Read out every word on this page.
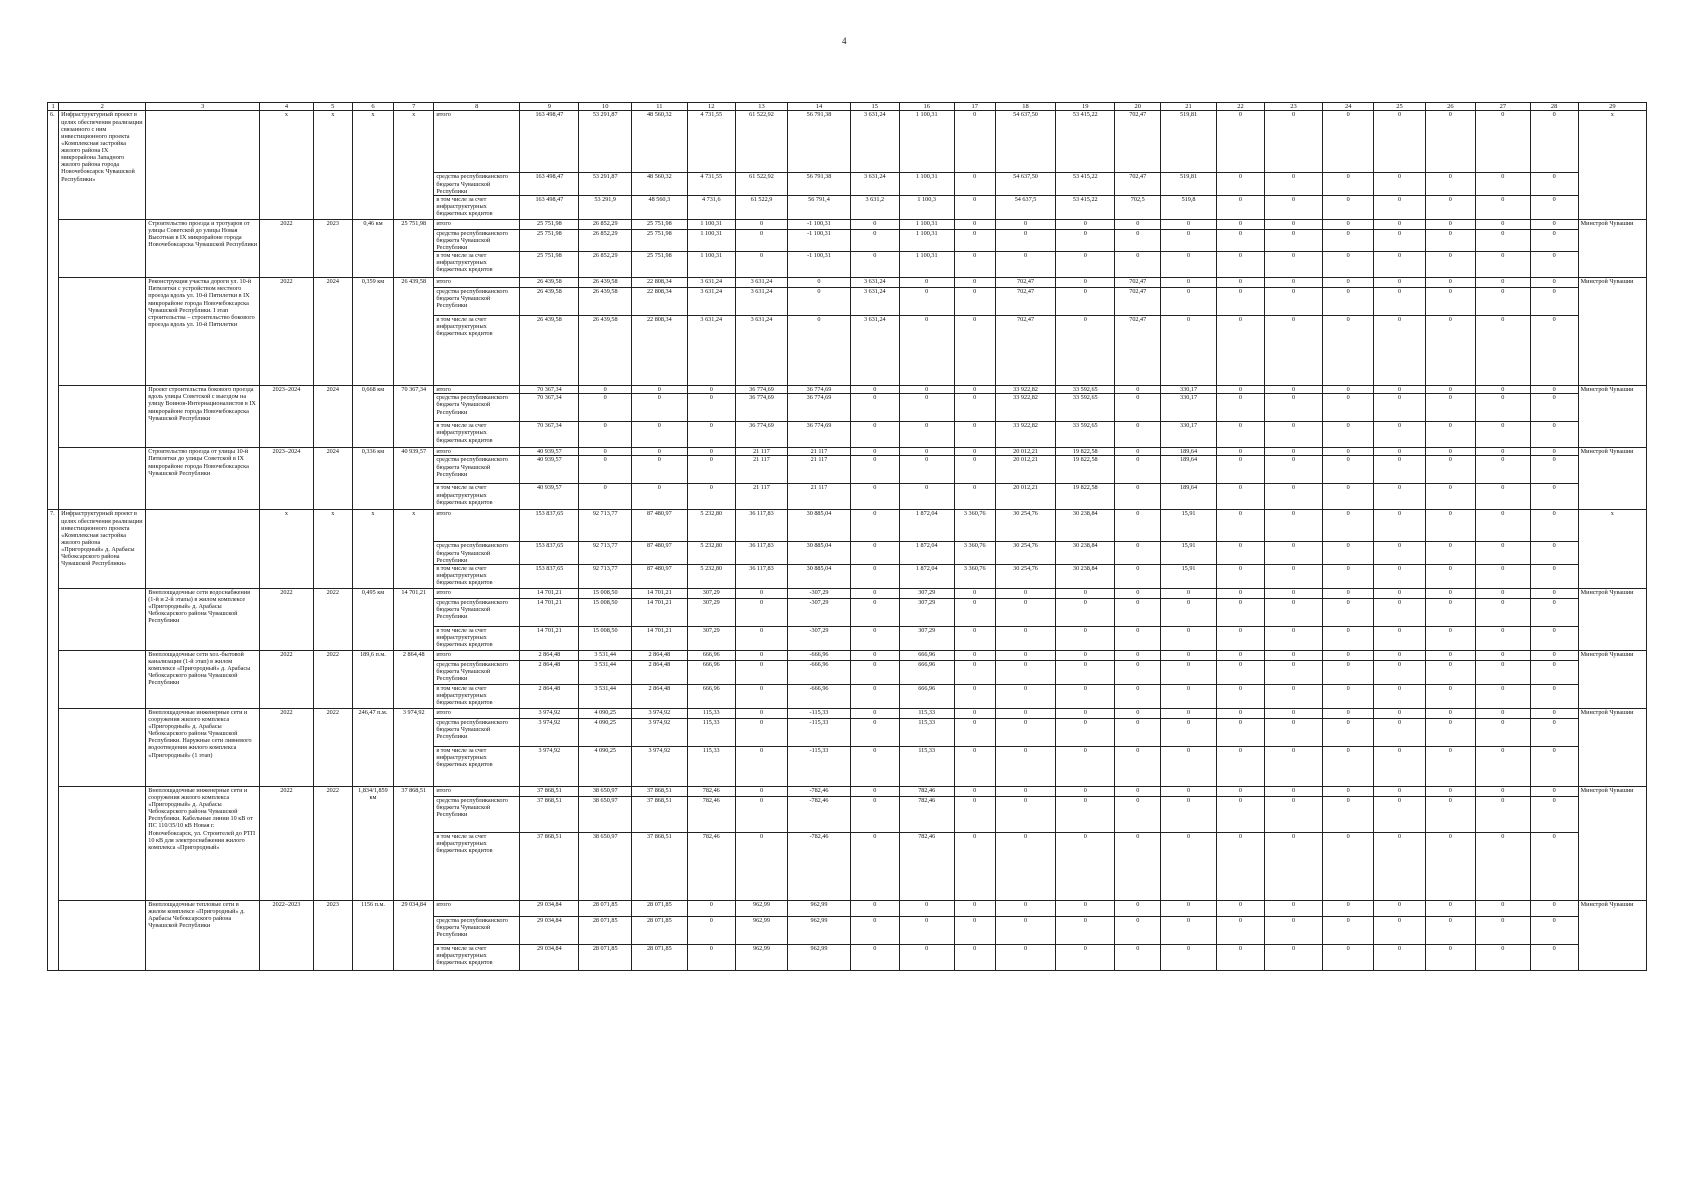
4
1	2	3	4	5	6	7	8	9	10	11	12	13	14	15	16	17	18	19	20	21	22	23	24	25	26	27	28	29
6.	Инфраструктурный проект в целях обеспечения реализации связанного с ним инвестиционного проекта «Комплексная застройка жилого района IX микрорайона Западного жилого района города Новочебоксарск Чувашской Республики»		x	x	x	x	итого	163 498,47	53 291,87	48 560,32	4 731,55	61 522,92	56 791,38	3 631,24	1 100,31	0	54 637,50	53 415,22	702,47	519,81	0	0	0	0	0	0	0	x
							средства республиканского бюджета Чувашской Республики	163 498,47	53 291,87	48 560,32	4 731,55	61 522,92	56 791,38	3 631,24	1 100,31	0	54 637,50	53 415,22	702,47	519,81	0	0	0	0	0	0	0	
							в том числе за счет инфраструктурных бюджетных кредитов	163 498,47	53 291,9	48 560,3	4 731,6	61 522,9	56 791,4	3 631,2	1 100,3	0	54 637,5	53 415,22	702,5	519,8	0	0	0	0	0	0	0	
		Строительство проезда и тротуаров от улицы Советской до улицы Новая Высотная в IX микрорайоне города Новочебоксарска Чувашской Республики	2022	2023	0,46 км	25 751,98	итого	25 751,98	26 852,29	25 751,98	1 100,31	0	-1 100,31	0	1 100,31	0	0	0	0	0	0	0	0	0	0	0	0	Минстрой Чувашии
							средства республиканского бюджета Чувашской Республики	25 751,98	26 852,29	25 751,98	1 100,31	0	-1 100,31	0	1 100,31	0	0	0	0	0	0	0	0	0	0	0	0	
							в том числе за счет инфраструктурных бюджетных кредитов	25 751,98	26 852,29	25 751,98	1 100,31	0	-1 100,31	0	1 100,31	0	0	0	0	0	0	0	0	0	0	0	0	
		Реконструкция участка дороги ул. 10-й Пятилетки с устройством местного проезда вдоль ул. 10-й Пятилетки в IX микрорайоне города Новочебоксарска Чувашской Республики. I этап строительства – строительство бокового проезда вдоль ул. 10-й Пятилетки	2022	2024	0,359 км	26 439,58	итого	26 439,58	26 439,58	22 808,34	3 631,24	3 631,24	0	3 631,24	0	0	702,47	0	702,47	0	0	0	0	0	0	0	0	Минстрой Чувашии
							средства республиканского бюджета Чувашской Республики	26 439,58	26 439,58	22 808,34	3 631,24	3 631,24	0	3 631,24	0	0	702,47	0	702,47	0	0	0	0	0	0	0	0	
							в том числе за счет инфраструктурных бюджетных кредитов	26 439,58	26 439,58	22 808,34	3 631,24	3 631,24	0	3 631,24	0	0	702,47	0	702,47	0	0	0	0	0	0	0	0	
		Проект строительства бокового проезда вдоль улицы Советской с выездом на улицу Воинов-Интернационалистов в IX микрорайоне города Новочебоксарска Чувашской Республики	2023–2024	2024	0,668 км	70 367,34	итого	70 367,34	0	0	0	36 774,69	36 774,69	0	0	0	33 922,82	33 592,65	0	330,17	0	0	0	0	0	0	0	Минстрой Чувашии
							средства республиканского бюджета Чувашской Республики	70 367,34	0	0	0	36 774,69	36 774,69	0	0	0	33 922,82	33 592,65	0	330,17	0	0	0	0	0	0	0	
							в том числе за счет инфраструктурных бюджетных кредитов	70 367,34	0	0	0	36 774,69	36 774,69	0	0	0	33 922,82	33 592,65	0	330,17	0	0	0	0	0	0	0	
		Строительство проезда от улицы 10-й Пятилетки до улицы Советской в IX микрорайоне города Новочебоксарска Чувашской Республики	2023–2024	2024	0,336 км	40 939,57	итого	40 939,57	0	0	0	21 117	21 117	0	0	0	20 012,21	19 822,58	0	189,64	0	0	0	0	0	0	0	Минстрой Чувашии
							средства республиканского бюджета Чувашской Республики	40 939,57	0	0	0	21 117	21 117	0	0	0	20 012,21	19 822,58	0	189,64	0	0	0	0	0	0	0	
							в том числе за счет инфраструктурных бюджетных кредитов	40 939,57	0	0	0	21 117	21 117	0	0	0	20 012,21	19 822,58	0	189,64	0	0	0	0	0	0	0	
7.	Инфраструктурный проект в целях обеспечения реализации инвестиционного проекта «Комплексная застройка жилого района «Пригородный» д. Арабасы Чебоксарского района Чувашской Республики»		x	x	x	x	итого	153 837,65	92 713,77	87 480,97	5 232,80	36 117,83	30 885,04	0	1 872,04	3 360,76	30 254,76	30 238,84	0	15,91	0	0	0	0	0	0	0	x
							средства республиканского бюджета Чувашской Республики	153 837,65	92 713,77	87 480,97	5 232,80	36 117,83	30 885,04	0	1 872,04	3 360,76	30 254,76	30 238,84	0	15,91	0	0	0	0	0	0	0	
							в том числе за счет инфраструктурных бюджетных кредитов	153 837,65	92 713,77	87 480,97	5 232,80	36 117,83	30 885,04	0	1 872,04	3 360,76	30 254,76	30 238,84	0	15,91	0	0	0	0	0	0	0	
		Внеплощадочные сети водоснабжения (1-й и 2-й этапы) в жилом комплексе «Пригородный» д. Арабасы Чебоксарского района Чувашской Республики	2022	2022	0,495 км	14 701,21	итого	14 701,21	15 008,50	14 701,21	307,29	0	-307,29	0	307,29	0	0	0	0	0	0	0	0	0	0	0	0	Минстрой Чувашии
							средства республиканского бюджета Чувашской Республики	14 701,21	15 008,50	14 701,21	307,29	0	-307,29	0	307,29	0	0	0	0	0	0	0	0	0	0	0	0	
							в том числе за счет инфраструктурных бюджетных кредитов	14 701,21	15 008,50	14 701,21	307,29	0	-307,29	0	307,29	0	0	0	0	0	0	0	0	0	0	0	0	
		Внеплощадочные сети хоз.-бытовой канализации (1-й этап) в жилом комплексе «Пригородный» д. Арабасы Чебоксарского района Чувашской Республики	2022	2022	189,6 п.м.	2 864,48	итого	2 864,48	3 531,44	2 864,48	666,96	0	-666,96	0	666,96	0	0	0	0	0	0	0	0	0	0	0	0	Минстрой Чувашии
							средства республиканского бюджета Чувашской Республики	2 864,48	3 531,44	2 864,48	666,96	0	-666,96	0	666,96	0	0	0	0	0	0	0	0	0	0	0	0	
							в том числе за счет инфраструктурных бюджетных кредитов	2 864,48	3 531,44	2 864,48	666,96	0	-666,96	0	666,96	0	0	0	0	0	0	0	0	0	0	0	0	
		Внеплощадочные инженерные сети и сооружения жилого комплекса «Пригородный» д. Арабасы Чебоксарского района Чувашской Республики. Наружные сети ливневого водоотведения жилого комплекса «Пригородный» (1 этап)	2022	2022	246,47 п.м.	3 974,92	итого	3 974,92	4 090,25	3 974,92	115,33	0	-115,33	0	115,33	0	0	0	0	0	0	0	0	0	0	0	0	Минстрой Чувашии
							средства республиканского бюджета Чувашской Республики	3 974,92	4 090,25	3 974,92	115,33	0	-115,33	0	115,33	0	0	0	0	0	0	0	0	0	0	0	0	
							в том числе за счет инфраструктурных бюджетных кредитов	3 974,92	4 090,25	3 974,92	115,33	0	-115,33	0	115,33	0	0	0	0	0	0	0	0	0	0	0	0	
		Внеплощадочные инженерные сети и сооружения жилого комплекса «Пригородный» д. Арабасы Чебоксарского района Чувашской Республики. Кабельные линии 10 кВ от ПС 110/35/10 кВ Новая г. Новочебоксарск, ул. Строителей до РТП 10 кВ для электроснабжения жилого комплекса «Пригородный»	2022	2022	1,834/1,859 км	37 868,51	итого	37 868,51	38 650,97	37 868,51	782,46	0	-782,46	0	782,46	0	0	0	0	0	0	0	0	0	0	0	0	Минстрой Чувашии
							средства республиканского бюджета Чувашской Республики	37 868,51	38 650,97	37 868,51	782,46	0	-782,46	0	782,46	0	0	0	0	0	0	0	0	0	0	0	0	
							в том числе за счет инфраструктурных бюджетных кредитов	37 868,51	38 650,97	37 868,51	782,46	0	-782,46	0	782,46	0	0	0	0	0	0	0	0	0	0	0	0	
		Внеплощадочные тепловые сети в жилом комплексе «Пригородный» д. Арабасы Чебоксарского района Чувашской Республики	2022–2023	2023	1156 п.м.	29 034,84	итого	29 034,84	28 071,85	28 071,85	0	962,99	962,99	0	0	0	0	0	0	0	0	0	0	0	0	0	0	Минстрой Чувашии
							средства республиканского бюджета Чувашской Республики	29 034,84	28 071,85	28 071,85	0	962,99	962,99	0	0	0	0	0	0	0	0	0	0	0	0	0	0	
							в том числе за счет инфраструктурных бюджетных кредитов	29 034,84	28 071,85	28 071,85	0	962,99	962,99	0	0	0	0	0	0	0	0	0	0	0	0	0	0	
